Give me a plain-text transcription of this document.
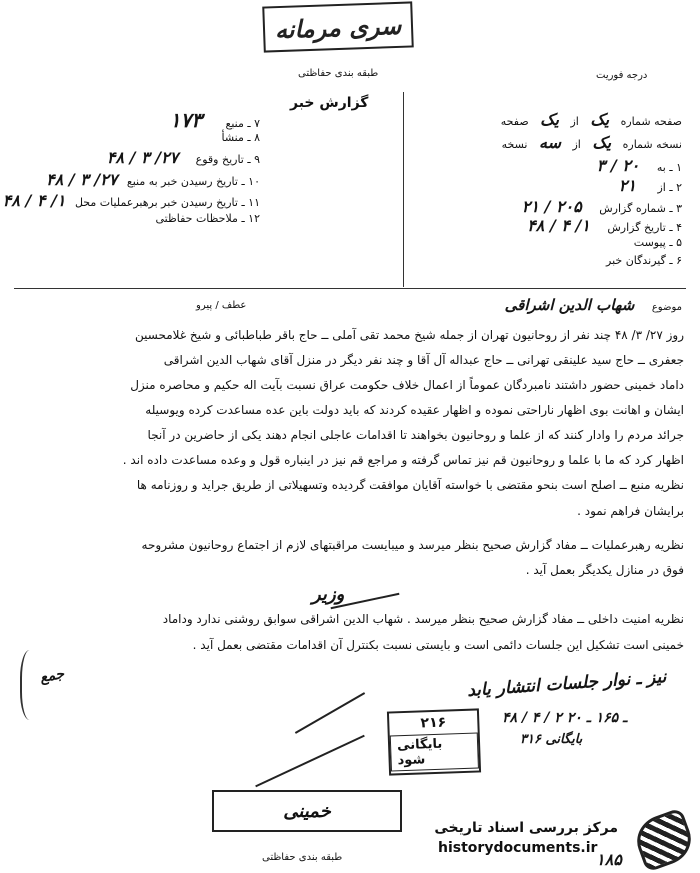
سری مرمانه
طبقه بندی حفاظتی	درجه فوریت
گزارش خبر
۷ ـ منبع ۱۷۳
۸ ـ منشأ
۹ ـ تاریخ وقوع ۲۷/ ۳ / ۴۸
۱۰ ـ تاریخ رسیدن خبر به منبع ۲۷/ ۳ / ۴۸
۱۱ ـ تاریخ رسیدن خبر برهبرعملیات محل ۱/ ۴ / ۴۸
۱۲ ـ ملاحظات حفاظتی
صفحه شماره یک از یک صفحه
نسخه شماره یک از سه نسخه
۱ ـ به ۲۰ / ۳
۲ ـ از ۲۱
۳ ـ شماره گزارش ۲۰۵ / ۲۱
۴ ـ تاریخ گزارش ۱/ ۴ / ۴۸
۵ ـ پیوست
۶ ـ گیرندگان خبر
موضوع شهاب الدین اشراقی
عطف / پیرو
روز ۲۷/ ۳/ ۴۸ چند نفر از روحانیون تهران از جمله شیخ محمد تقی آملی ــ حاج باقر طباطبائی و شیخ غلامحسین
جعفری ــ حاج سید علینقی تهرانی ــ حاج عبداله آل آقا و چند نفر دیگر در منزل آقای شهاب الدین اشراقی
داماد خمینی حضور داشتند نامبردگان عموماً از اعمال خلاف حکومت عراق نسبت بآیت اله حکیم و محاصره منزل
ایشان و اهانت بوی اظهار ناراحتی نموده و اظهار عقیده کردند که باید دولت باین عده مساعدت کرده ویوسیله
جرائد مردم را وادار کنند که از علما و روحانیون بخواهند تا اقدامات عاجلی انجام دهند یکی از حاضرین در آنجا
اظهار کرد که ما با علما و روحانیون قم نیز تماس گرفته و مراجع قم نیز در اینباره قول و وعده مساعدت داده اند .
نظریه منبع ــ اصلح است بنحو مقتضی با خواسته آقایان موافقت گردیده وتسهیلاتی از طریق جراید و روزنامه ها
برایشان فراهم نمود .
نظریه رهبرعملیات ــ مفاد گزارش صحیح بنظر میرسد و میبایست مراقبتهای لازم از اجتماع روحانیون مشروحه
فوق در منازل یکدیگر بعمل آید .
نظریه امنیت داخلی ــ مفاد گزارش صحیح بنظر میرسد . شهاب الدین اشراقی سوابق روشنی ندارد وداماد
خمینی است تشکیل این جلسات دائمی است و بایستی نسبت بکنترل آن اقدامات مقتضی بعمل آید .
وزیر
جمع	نیز ـ نوار جلسات انتشار یابد
۴۸ / ۴ / ۲ ـ ۱۶۵ ـ ۲۰
۳۱۶ بایگانی
۲۱۶
بایگانی شود
خمینی
طبقه بندی حفاظتی
مرکز بررسی اسناد تاریخی
historydocuments.ir
۱۸۵
